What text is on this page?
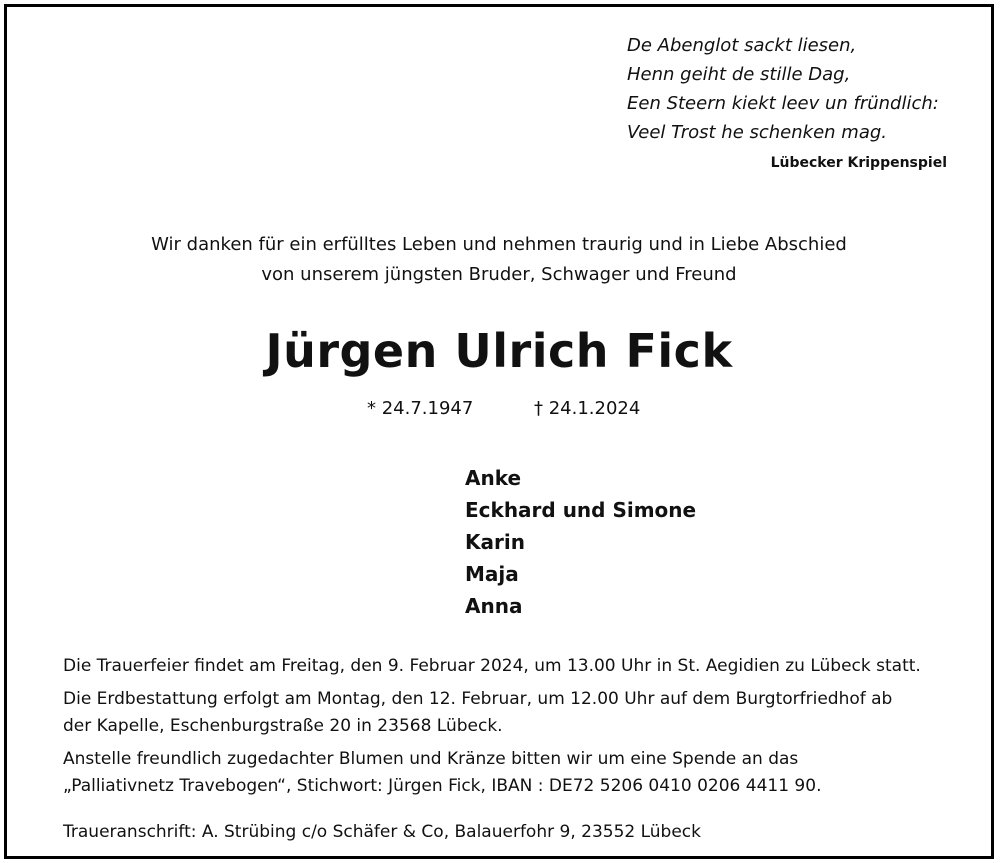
De Abenglot sackt liesen,
Henn geiht de stille Dag,
Een Steern kiekt leev un fründlich:
Veel Trost he schenken mag.
Lübecker Krippenspiel
Wir danken für ein erfülltes Leben und nehmen traurig und in Liebe Abschied
von unserem jüngsten Bruder, Schwager und Freund
Jürgen Ulrich Fick
* 24.7.1947	† 24.1.2024
Anke
Eckhard und Simone
Karin
Maja
Anna

Die Trauerfeier findet am Freitag, den 9. Februar 2024, um 13.00 Uhr in St. Aegidien zu Lübeck statt.

Die Erdbestattung erfolgt am Montag, den 12. Februar, um 12.00 Uhr auf dem Burgtorfriedhof ab
der Kapelle, Eschenburgstraße 20 in 23568 Lübeck.

Anstelle freundlich zugedachter Blumen und Kränze bitten wir um eine Spende an das
„Palliativnetz Travebogen“, Stichwort: Jürgen Fick, IBAN : DE72 5206 0410 0206 4411 90.

Traueranschrift: A. Strübing c/o Schäfer & Co, Balauerfohr 9, 23552 Lübeck
